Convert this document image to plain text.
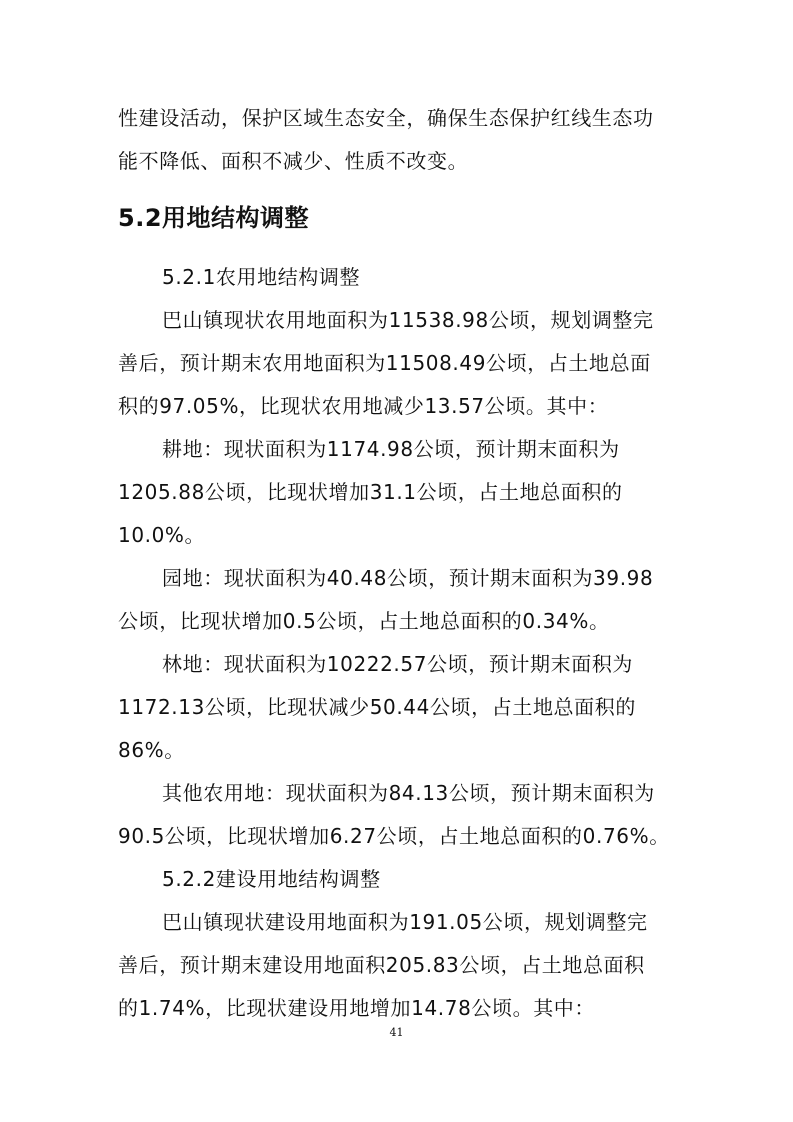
性建设活动，保护区域生态安全，确保生态保护红线生态功
能不降低、面积不减少、性质不改变。
5.2用地结构调整
5.2.1农用地结构调整
巴山镇现状农用地面积为11538.98公顷，规划调整完
善后，预计期末农用地面积为11508.49公顷，占土地总面
积的97.05%，比现状农用地减少13.57公顷。其中：
耕地：现状面积为1174.98公顷，预计期末面积为
1205.88公顷，比现状增加31.1公顷，占土地总面积的
10.0%。
园地：现状面积为40.48公顷，预计期末面积为39.98
公顷，比现状增加0.5公顷，占土地总面积的0.34%。
林地：现状面积为10222.57公顷，预计期末面积为
1172.13公顷，比现状减少50.44公顷，占土地总面积的
86%。
其他农用地：现状面积为84.13公顷，预计期末面积为
90.5公顷，比现状增加6.27公顷，占土地总面积的0.76%。
5.2.2建设用地结构调整
巴山镇现状建设用地面积为191.05公顷，规划调整完
善后，预计期末建设用地面积205.83公顷，占土地总面积
的1.74%，比现状建设用地增加14.78公顷。其中：
41
